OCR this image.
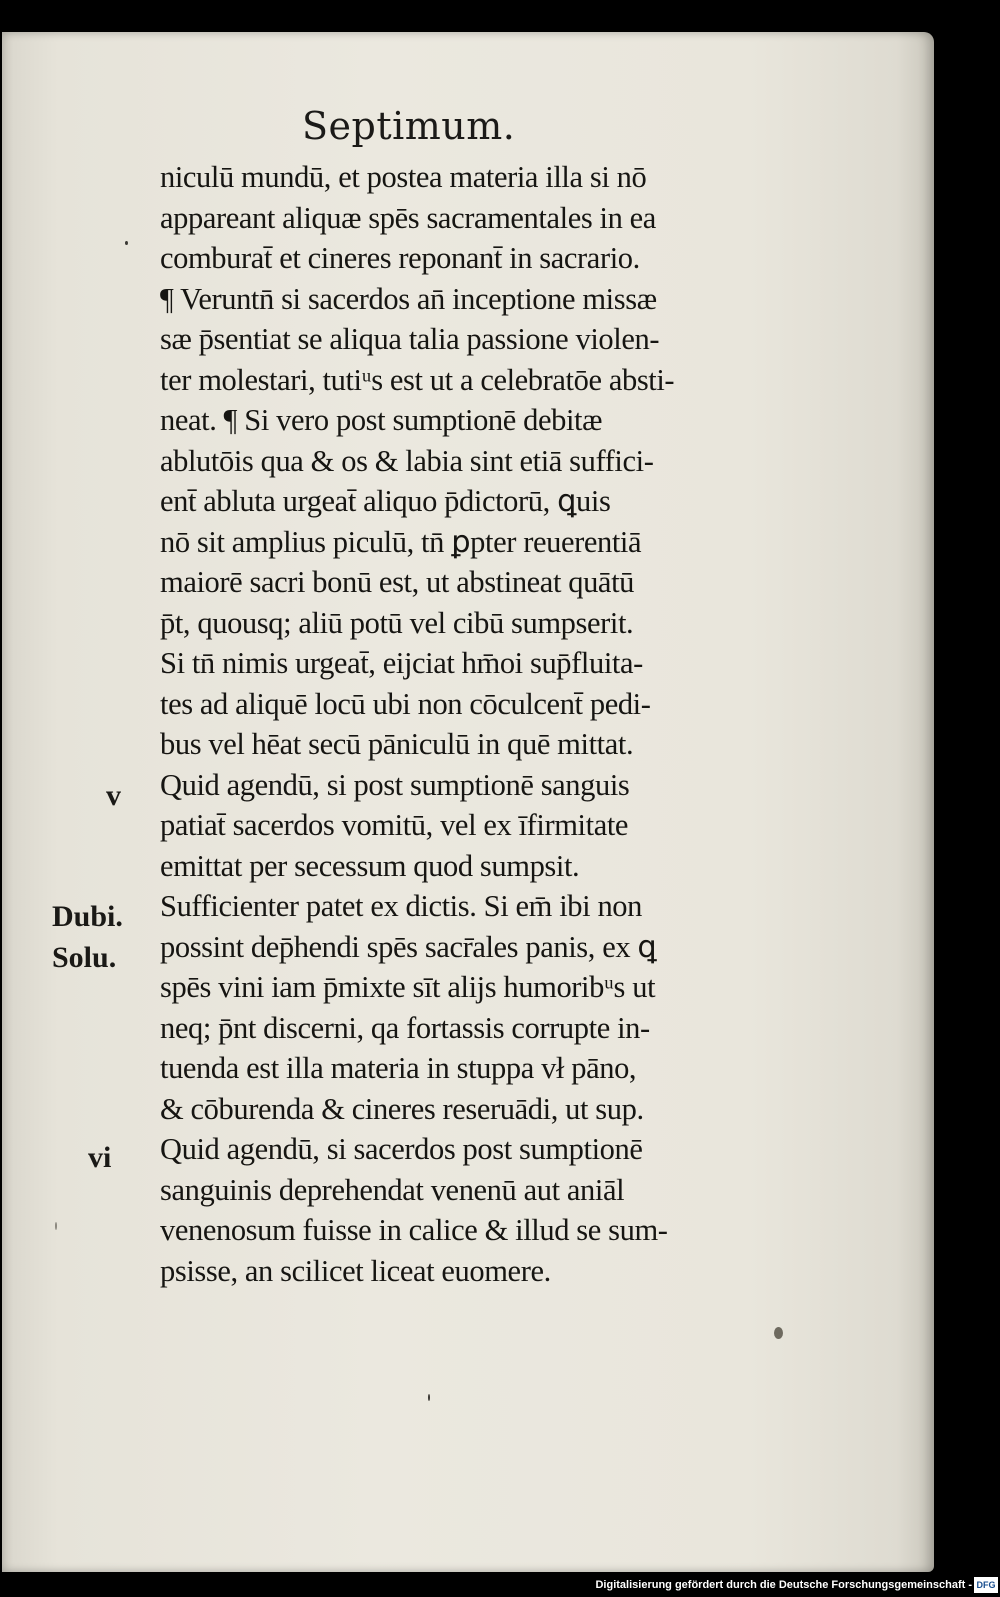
Septimum.
niculū mundū, et postea materia illa si nō
appareant aliquæ spēs sacramentales in ea
comburat̄ et cineres reponant̄ in sacrario.
¶ Veruntn̄ si sacerdos an̄ inceptione missæ
sæ p̄sentiat se aliqua talia passione violen-
ter molestari, tutiᵘs est ut a celebratōe absti-
neat. ¶ Si vero post sumptionē debitæ
ablutōis qua & os & labia sint etiā suffici-
ent̄ abluta urgeat̄ aliquo p̄dictorū, ꝗuis
nō sit amplius piculū, tn̄ ꝑpter reuerentiā
maiorē sacri bonū est, ut abstineat quātū
p̄t, quousq; aliū potū vel cibū sumpserit.
Si tn̄ nimis urgeat̄, eijciat hm̄oi sup̄fluita-
tes ad aliquē locū ubi non cōculcent̄ pedi-
bus vel hēat secū pāniculū in quē mittat.
Quid agendū, si post sumptionē sanguis
patiat̄ sacerdos vomitū, vel ex īfirmitate
emittat per secessum quod sumpsit.
Sufficienter patet ex dictis. Si em̄ ibi non
possint dep̄hendi spēs sacr̄ales panis, ex ꝗ
spēs vini iam p̄mixte sīt alijs humoribᵘs ut
neq; p̄nt discerni, qa fortassis corrupte in-
tuenda est illa materia in stuppa vł pāno,
& cōburenda & cineres reseruādi, ut sup.
Quid agendū, si sacerdos post sumptionē
sanguinis deprehendat venenū aut aniāl
venenosum fuisse in calice & illud se sum-
psisse, an scilicet liceat euomere.
v
Dubi.
Solu.
vi
Digitalisierung gefördert durch die Deutsche Forschungsgemeinschaft - DFG
